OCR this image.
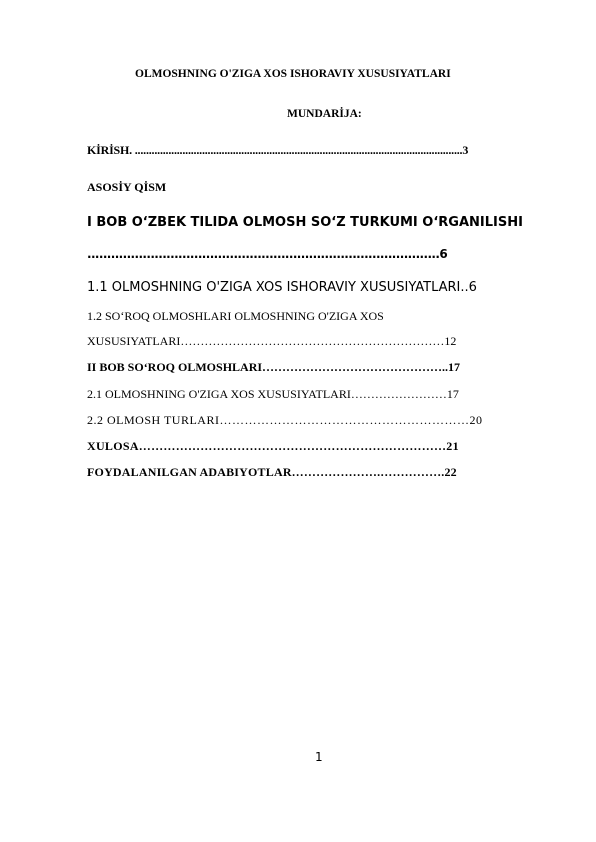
OLMOSHNING O'ZIGA XOS ISHORAVIY XUSUSIYATLARI
MUNDARİJA:
KİRİSH. .....................................................................................................................3
ASOSİY QİSM
I BOB O‘ZBEK TILIDA OLMOSH SO‘Z TURKUMI O‘RGANILISHI
.........................................................................................6
1.1 OLMOSHNING O'ZIGA XOS ISHORAVIY XUSUSIYATLARI..6
1.2 SO‘ROQ OLMOSHLARI OLMOSHNING O'ZIGA XOS
XUSUSIYATLARI…………………………………………………………12
II BOB SO‘ROQ OLMOSHLARI………………………………………..17
2.1 OLMOSHNING O'ZIGA XOS XUSUSIYATLARI……………………17
2.2 OLMOSH TURLARI……………………………………………………20
XULOSA…………………………………………………………………21
FOYDALANILGAN ADABIYOTLAR………………….…………….22
1
